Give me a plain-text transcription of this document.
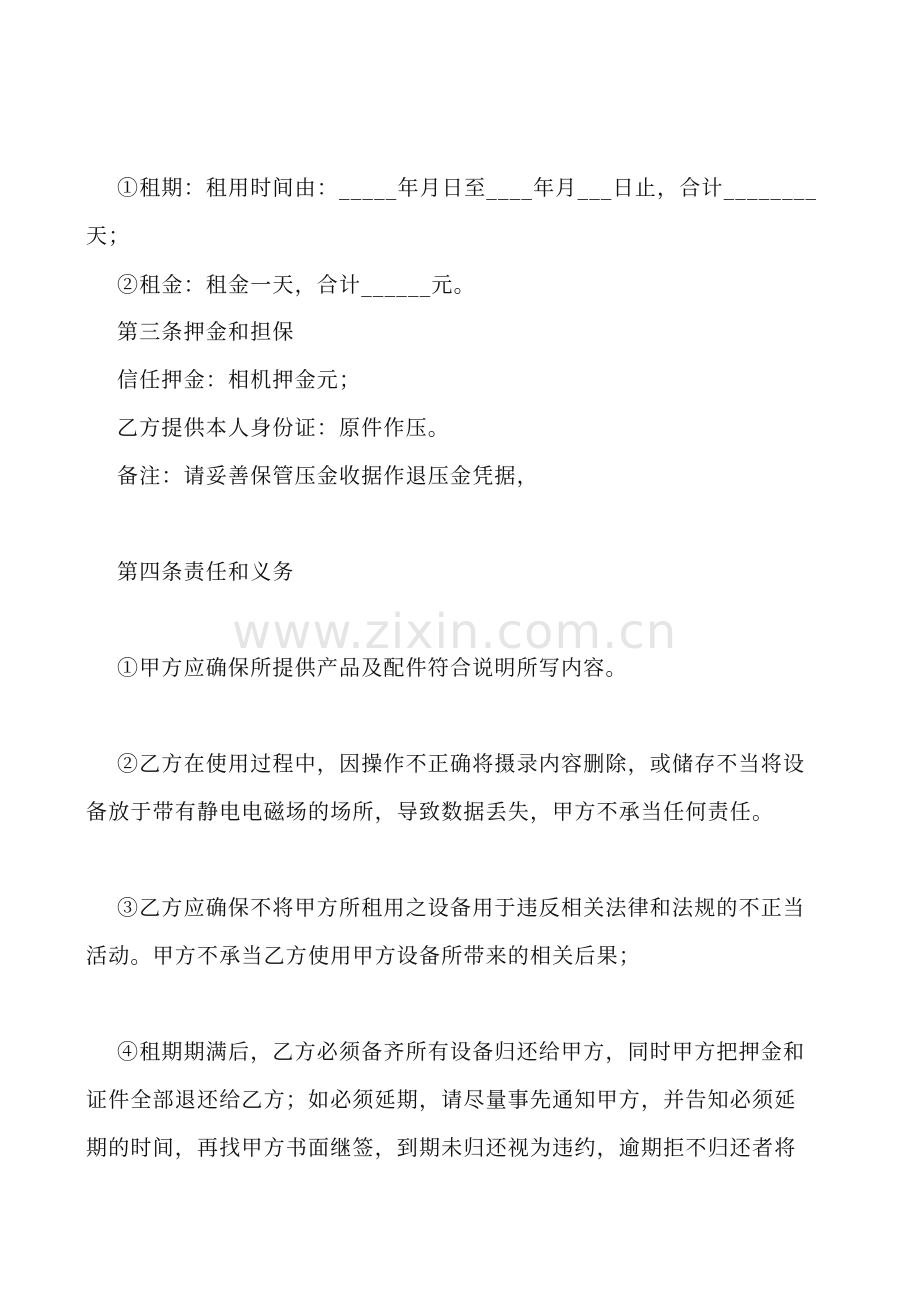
①租期：租用时间由：_____年月日至____年月___日止，合计________
天；
②租金：租金一天，合计______元。
第三条押金和担保
信任押金：相机押金元；
乙方提供本人身份证：原件作压。
备注：请妥善保管压金收据作退压金凭据，
第四条责任和义务
www.zixin.com.cn
①甲方应确保所提供产品及配件符合说明所写内容。
②乙方在使用过程中，因操作不正确将摄录内容删除，或储存不当将设
备放于带有静电电磁场的场所，导致数据丢失，甲方不承当任何责任。
③乙方应确保不将甲方所租用之设备用于违反相关法律和法规的不正当
活动。甲方不承当乙方使用甲方设备所带来的相关后果；
④租期期满后，乙方必须备齐所有设备归还给甲方，同时甲方把押金和
证件全部退还给乙方；如必须延期，请尽量事先通知甲方，并告知必须延
期的时间，再找甲方书面继签，到期未归还视为违约，逾期拒不归还者将
